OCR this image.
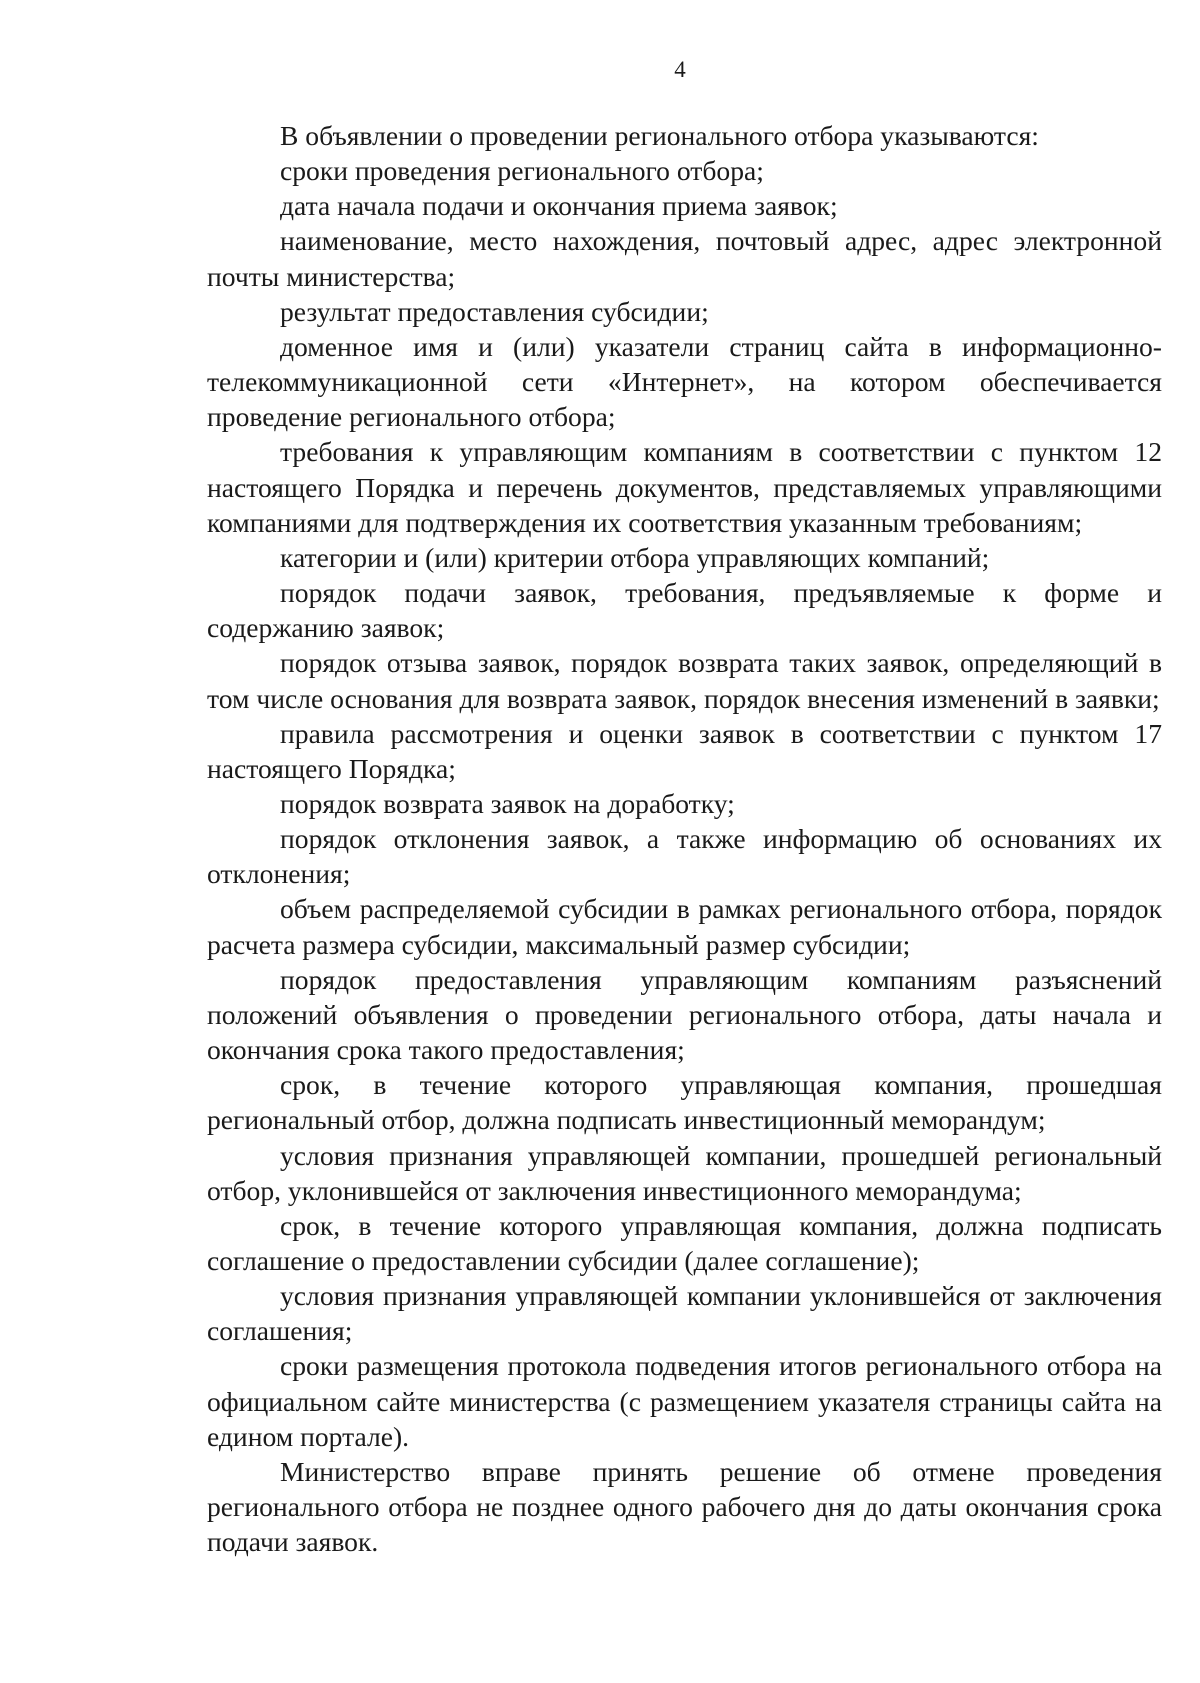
4

В объявлении о проведении регионального отбора указываются:

сроки проведения регионального отбора;

дата начала подачи и окончания приема заявок;

наименование, место нахождения, почтовый адрес, адрес электронной почты министерства;

результат предоставления субсидии;

доменное имя и (или) указатели страниц сайта в информационно-телекоммуникационной сети «Интернет», на котором обеспечивается проведение регионального отбора;

требования к управляющим компаниям в соответствии с пунктом 12 настоящего Порядка и перечень документов, представляемых управляющими компаниями для подтверждения их соответствия указанным требованиям;

категории и (или) критерии отбора управляющих компаний;

порядок подачи заявок, требования, предъявляемые к форме и содержанию заявок;

порядок отзыва заявок, порядок возврата таких заявок, определяющий в том числе основания для возврата заявок, порядок внесения изменений в заявки;

правила рассмотрения и оценки заявок в соответствии с пунктом 17 настоящего Порядка;

порядок возврата заявок на доработку;

порядок отклонения заявок, а также информацию об основаниях их отклонения;

объем распределяемой субсидии в рамках регионального отбора, порядок расчета размера субсидии, максимальный размер субсидии;

порядок предоставления управляющим компаниям разъяснений положений объявления о проведении регионального отбора, даты начала и окончания срока такого предоставления;

срок, в течение которого управляющая компания, прошедшая региональный отбор, должна подписать инвестиционный меморандум;

условия признания управляющей компании, прошедшей региональный отбор, уклонившейся от заключения инвестиционного меморандума;

срок, в течение которого управляющая компания, должна подписать соглашение о предоставлении субсидии (далее соглашение);

условия признания управляющей компании уклонившейся от заключения соглашения;

сроки размещения протокола подведения итогов регионального отбора на официальном сайте министерства (с размещением указателя страницы сайта на едином портале).

Министерство вправе принять решение об отмене проведения регионального отбора не позднее одного рабочего дня до даты окончания срока подачи заявок.
